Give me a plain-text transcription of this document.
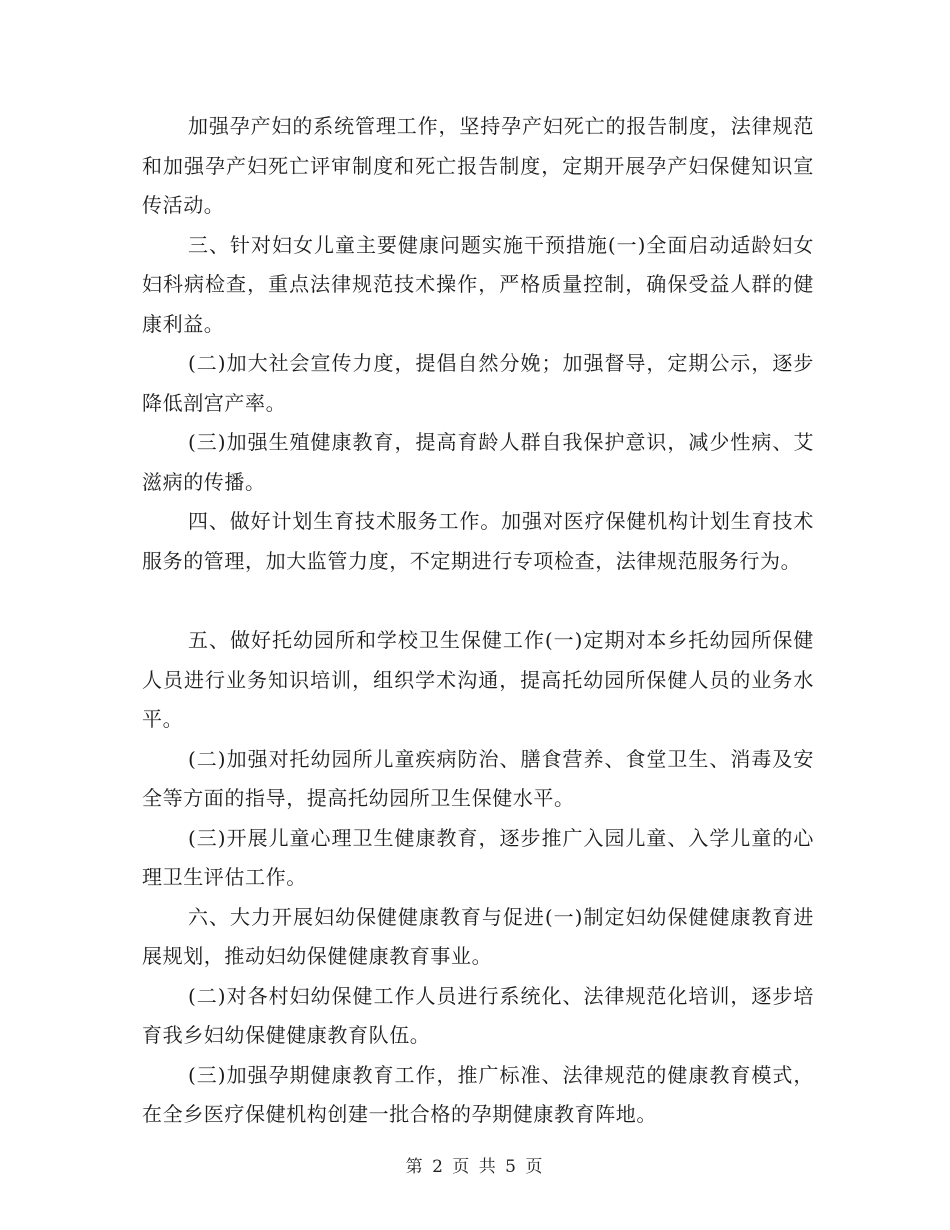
加强孕产妇的系统管理工作，坚持孕产妇死亡的报告制度，法律规范和加强孕产妇死亡评审制度和死亡报告制度，定期开展孕产妇保健知识宣传活动。

三、针对妇女儿童主要健康问题实施干预措施(一)全面启动适龄妇女妇科病检查，重点法律规范技术操作，严格质量控制，确保受益人群的健康利益。

(二)加大社会宣传力度，提倡自然分娩；加强督导，定期公示，逐步降低剖宫产率。

(三)加强生殖健康教育，提高育龄人群自我保护意识，减少性病、艾滋病的传播。

四、做好计划生育技术服务工作。加强对医疗保健机构计划生育技术服务的管理，加大监管力度，不定期进行专项检查，法律规范服务行为。

五、做好托幼园所和学校卫生保健工作(一)定期对本乡托幼园所保健人员进行业务知识培训，组织学术沟通，提高托幼园所保健人员的业务水平。

(二)加强对托幼园所儿童疾病防治、膳食营养、食堂卫生、消毒及安全等方面的指导，提高托幼园所卫生保健水平。

(三)开展儿童心理卫生健康教育，逐步推广入园儿童、入学儿童的心理卫生评估工作。

六、大力开展妇幼保健健康教育与促进(一)制定妇幼保健健康教育进展规划，推动妇幼保健健康教育事业。

(二)对各村妇幼保健工作人员进行系统化、法律规范化培训，逐步培育我乡妇幼保健健康教育队伍。

(三)加强孕期健康教育工作，推广标准、法律规范的健康教育模式，在全乡医疗保健机构创建一批合格的孕期健康教育阵地。

第 2 页 共 5 页
